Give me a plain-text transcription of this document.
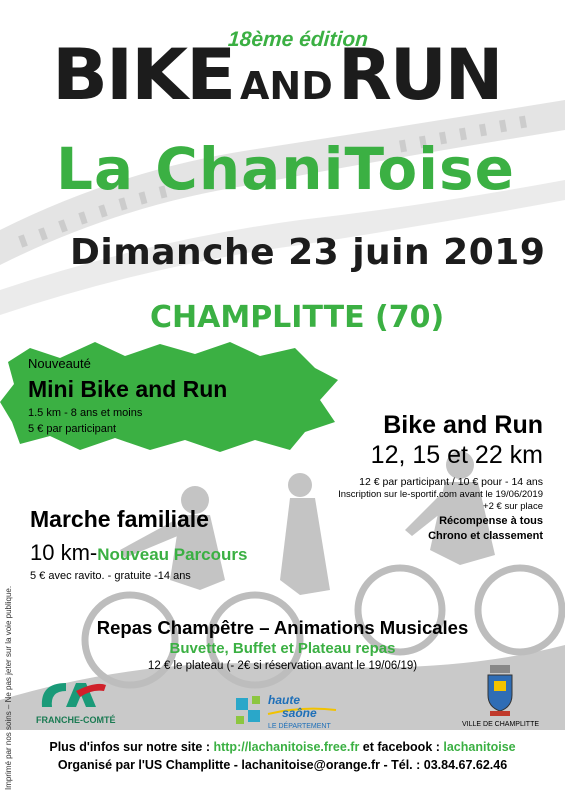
18ème édition
BIKE AND RUN
La ChaniToise
Dimanche 23 juin 2019
CHAMPLITTE (70)
Nouveauté
Mini Bike and Run
1.5 km - 8 ans et moins
5 € par participant	Bike and Run
12, 15 et 22 km
12 € par participant / 10 € pour - 14 ans
Inscription sur le-sportif.com avant le 19/06/2019
+2 € sur place
Récompense à tous
Chrono et classement
Marche familiale
10 km-Nouveau Parcours
5 € avec ravito. - gratuite -14 ans
Repas Champêtre – Animations Musicales
Buvette, Buffet et Plateau repas
12 € le plateau (- 2€ si réservation avant le 19/06/19)
Imprimé par nos soins – Ne pas jeter sur la voie publique.	FRANCHE-COMTÉ
haute
saône
LE DÉPARTEMENT	VILLE DE CHAMPLITTE
Plus d'infos sur notre site : http://lachanitoise.free.fr et facebook : lachanitoise
Organisé par l'US Champlitte - lachanitoise@orange.fr - Tél. : 03.84.67.62.46
